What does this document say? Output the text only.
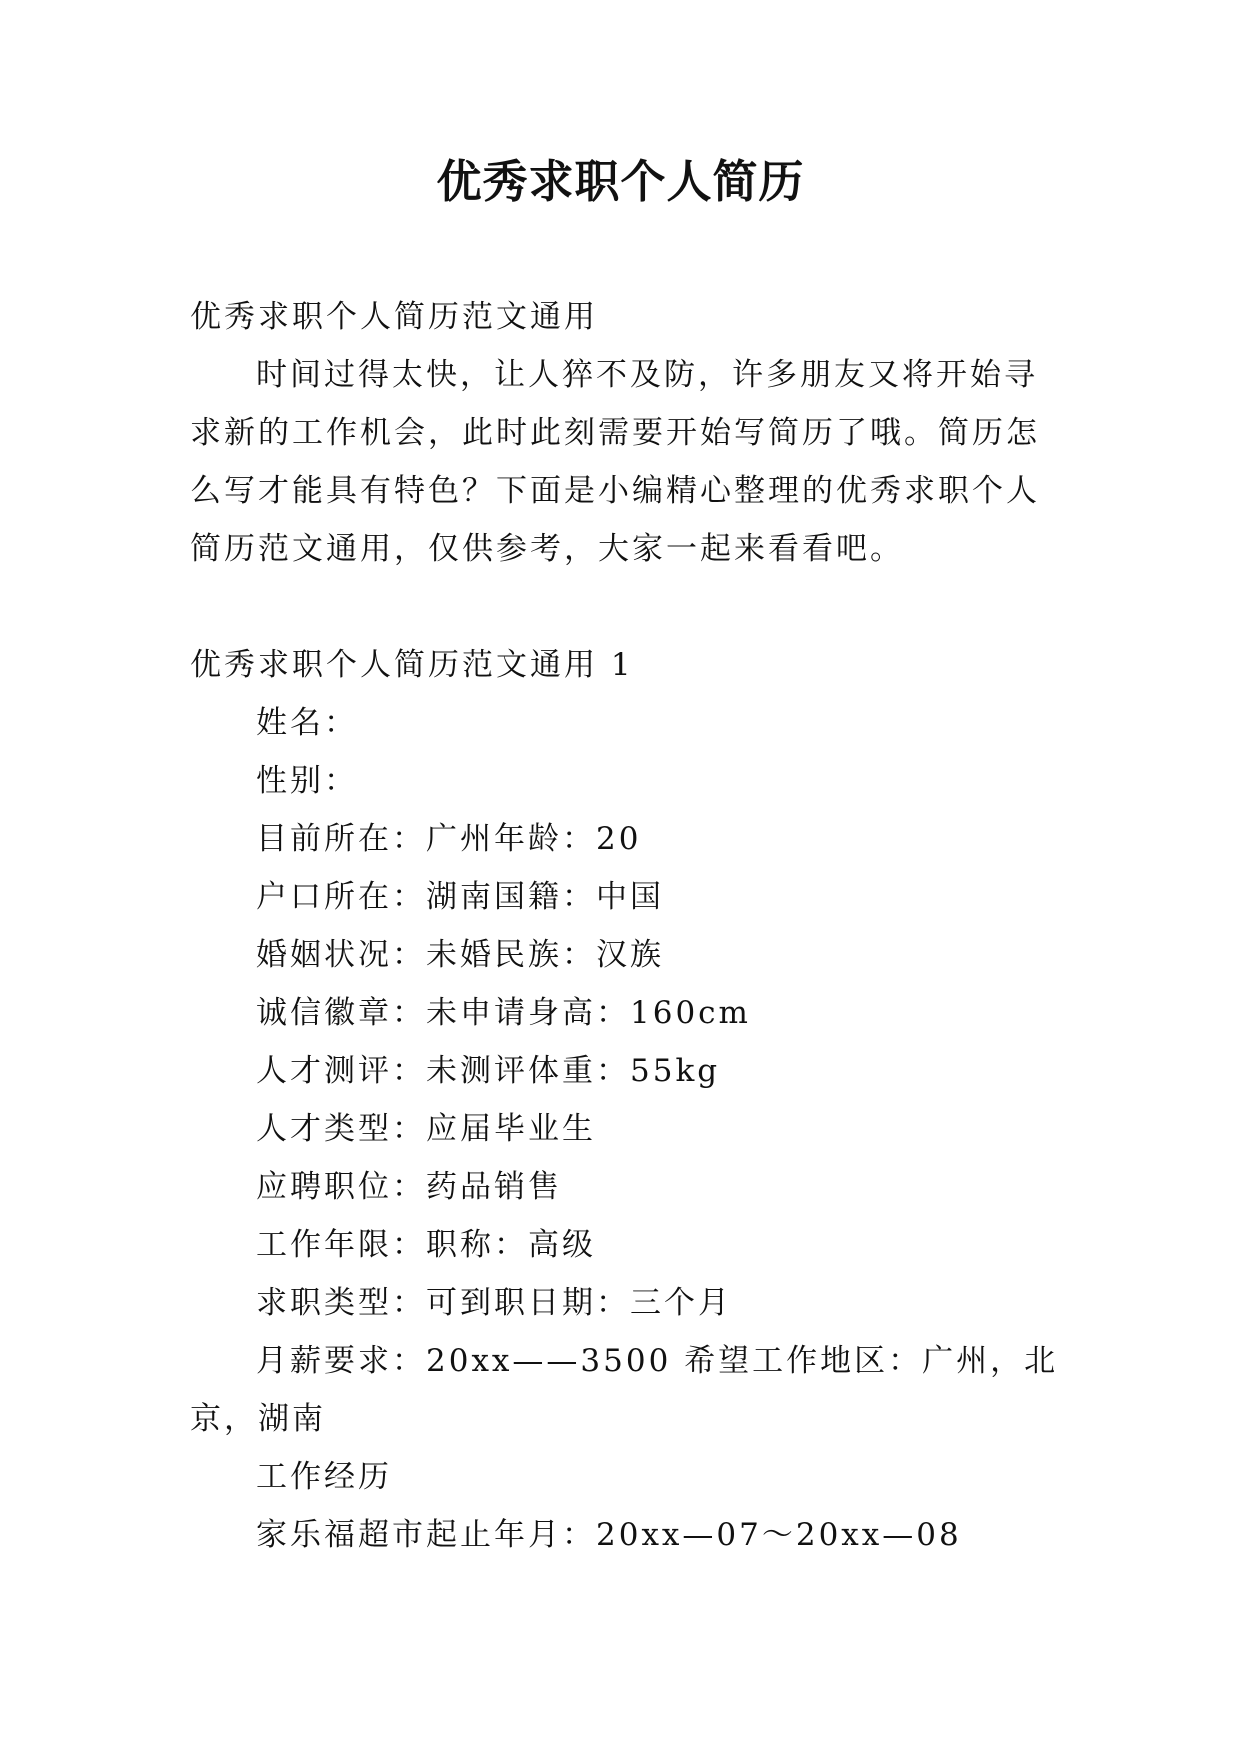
优秀求职个人简历
优秀求职个人简历范文通用
时间过得太快，让人猝不及防，许多朋友又将开始寻求新的工作机会，此时此刻需要开始写简历了哦。简历怎么写才能具有特色？下面是小编精心整理的优秀求职个人简历范文通用，仅供参考，大家一起来看看吧。
优秀求职个人简历范文通用 1
姓名：
性别：
目前所在：广州年龄：20
户口所在：湖南国籍：中国
婚姻状况：未婚民族：汉族
诚信徽章：未申请身高：160cm
人才测评：未测评体重：55kg
人才类型：应届毕业生
应聘职位：药品销售
工作年限：职称：高级
求职类型：可到职日期：三个月
月薪要求：20xx——3500 希望工作地区：广州，北京，湖南
工作经历
家乐福超市起止年月：20xx—07～20xx—08
